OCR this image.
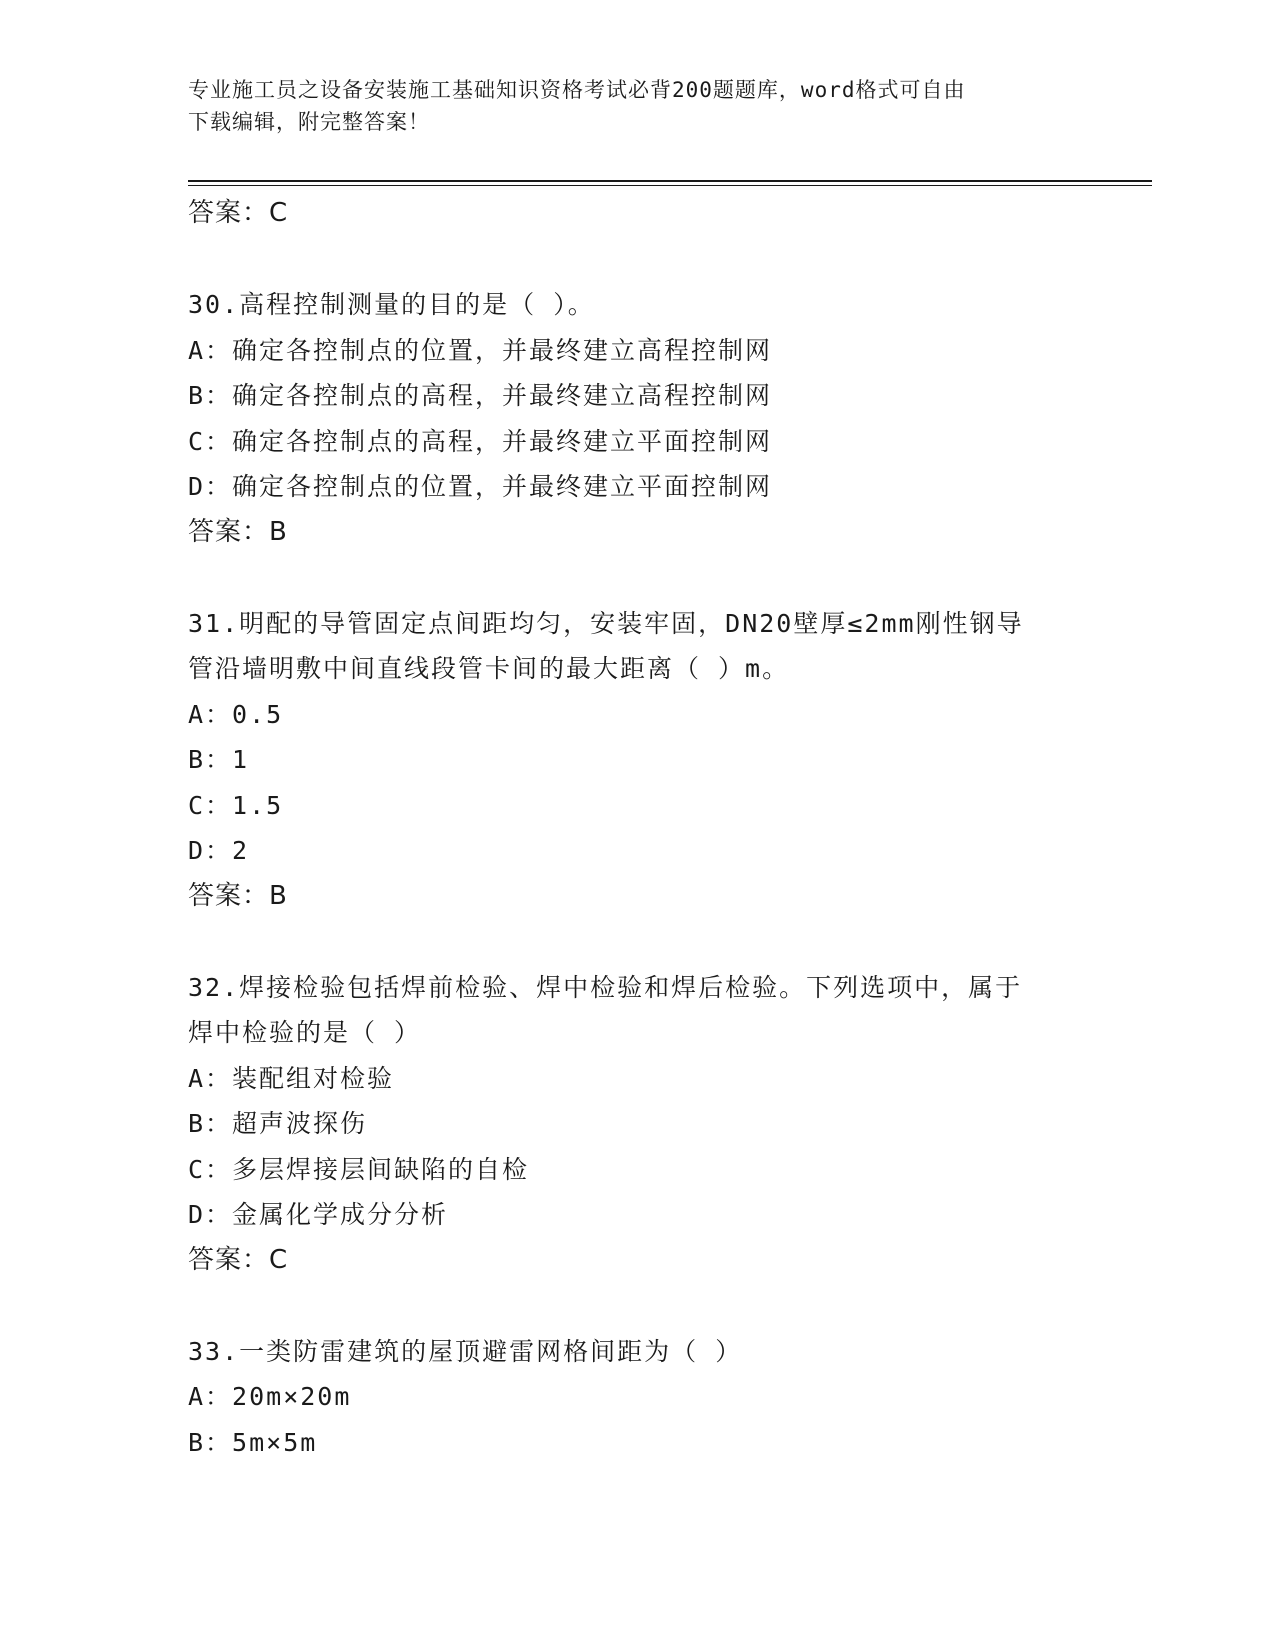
专业施工员之设备安装施工基础知识资格考试必背200题题库，word格式可自由
下载编辑，附完整答案！
答案：C
30.高程控制测量的目的是（ ）。
A：确定各控制点的位置，并最终建立高程控制网
B：确定各控制点的高程，并最终建立高程控制网
C：确定各控制点的高程，并最终建立平面控制网
D：确定各控制点的位置，并最终建立平面控制网
答案：B
31.明配的导管固定点间距均匀，安装牢固，DN20壁厚≤2mm刚性钢导
管沿墙明敷中间直线段管卡间的最大距离（ ）m。
A：0.5
B：1
C：1.5
D：2
答案：B
32.焊接检验包括焊前检验、焊中检验和焊后检验。下列选项中，属于
焊中检验的是（ ）
A：装配组对检验
B：超声波探伤
C：多层焊接层间缺陷的自检
D：金属化学成分分析
答案：C
33.一类防雷建筑的屋顶避雷网格间距为（ ）
A：20m×20m
B：5m×5m
